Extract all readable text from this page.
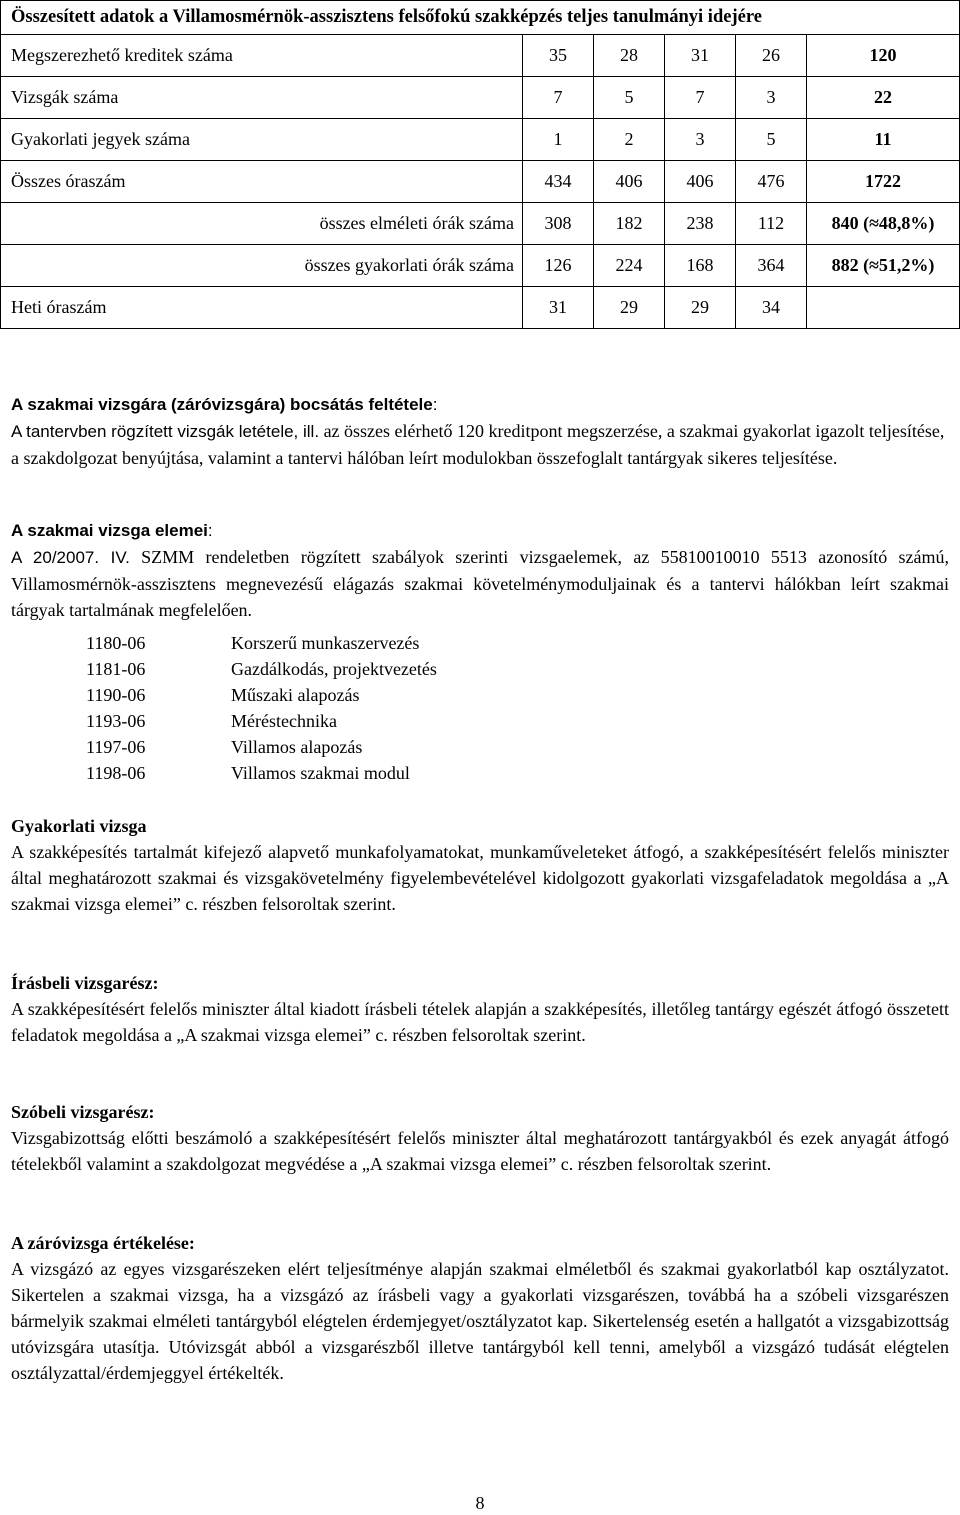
Összesített adatok a Villamosmérnök-asszisztens felsőfokú szakképzés teljes tanulmányi idejére					
Megszerezhető kreditek száma	35	28	31	26	120
Vizsgák száma	7	5	7	3	22
Gyakorlati jegyek száma	1	2	3	5	11
Összes óraszám	434	406	406	476	1722
összes elméleti órák száma	308	182	238	112	840 (≈48,8%)
összes gyakorlati órák száma	126	224	168	364	882 (≈51,2%)
Heti óraszám	31	29	29	34	

A szakmai vizsgára (záróvizsgára) bocsátás feltétele:

A tantervben rögzített vizsgák letétele, ill. az összes elérhető 120 kreditpont megszerzése, a szakmai gyakorlat igazolt teljesítése, a szakdolgozat benyújtása, valamint a tantervi hálóban leírt modulokban összefoglalt tantárgyak sikeres teljesítése.

A szakmai vizsga elemei:

A 20/2007. IV. SZMM rendeletben rögzített szabályok szerinti vizsgaelemek, az 55810010010 5513 azonosító számú, Villamosmérnök-asszisztens megnevezésű elágazás szakmai követelménymoduljainak és a tantervi hálókban leírt szakmai tárgyak tartalmának megfelelően.

1180-06	Korszerű munkaszervezés
1181-06	Gazdálkodás, projektvezetés
1190-06	Műszaki alapozás
1193-06	Méréstechnika
1197-06	Villamos alapozás
1198-06	Villamos szakmai modul

Gyakorlati vizsga

A szakképesítés tartalmát kifejező alapvető munkafolyamatokat, munkaműveleteket átfogó, a szakképesítésért felelős miniszter által meghatározott szakmai és vizsgakövetelmény figyelembevételével kidolgozott gyakorlati vizsgafeladatok megoldása a „A szakmai vizsga elemei” c. részben felsoroltak szerint.

Írásbeli vizsgarész:

A szakképesítésért felelős miniszter által kiadott írásbeli tételek alapján a szakképesítés, illetőleg tantárgy egészét átfogó összetett feladatok megoldása a „A szakmai vizsga elemei” c. részben felsoroltak szerint.

Szóbeli vizsgarész:

Vizsgabizottság előtti beszámoló a szakképesítésért felelős miniszter által meghatározott tantárgyakból és ezek anyagát átfogó tételekből valamint a szakdolgozat megvédése a „A szakmai vizsga elemei” c. részben felsoroltak szerint.

A záróvizsga értékelése:

A vizsgázó az egyes vizsgarészeken elért teljesítménye alapján szakmai elméletből és szakmai gyakorlatból kap osztályzatot. Sikertelen a szakmai vizsga, ha a vizsgázó az írásbeli vagy a gyakorlati vizsgarészen, továbbá ha a szóbeli vizsgarészen bármelyik szakmai elméleti tantárgyból elégtelen érdemjegyet/osztályzatot kap. Sikertelenség esetén a hallgatót a vizsgabizottság utóvizsgára utasítja. Utóvizsgát abból a vizsgarészből illetve tantárgyból kell tenni, amelyből a vizsgázó tudását elégtelen osztályzattal/érdemjeggyel értékelték.

8
